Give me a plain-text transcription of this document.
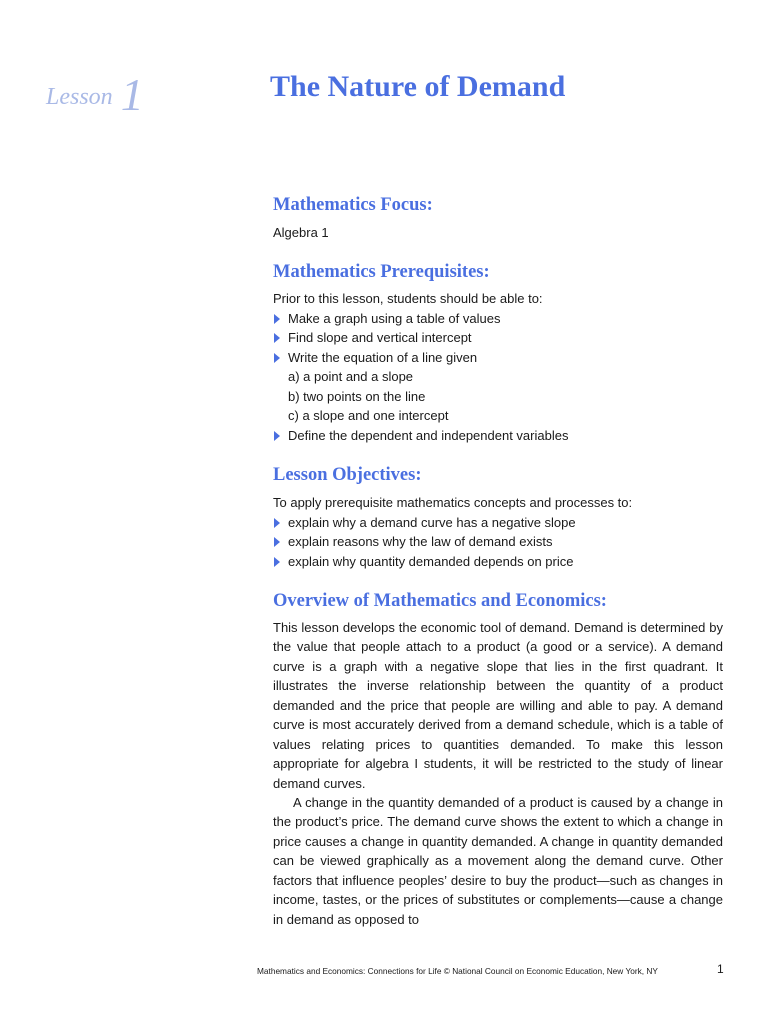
Lesson 1	The Nature of Demand
Mathematics Focus:

Algebra 1

Mathematics Prerequisites:

Prior to this lesson, students should be able to:

Make a graph using a table of values

Find slope and vertical intercept

Write the equation of a line given

a) a point and a slope

b) two points on the line

c) a slope and one intercept

Define the dependent and independent variables

Lesson Objectives:

To apply prerequisite mathematics concepts and processes to:

explain why a demand curve has a negative slope

explain reasons why the law of demand exists

explain why quantity demanded depends on price

Overview of Mathematics and Economics:

This lesson develops the economic tool of demand. Demand is determined by the value that people attach to a product (a good or a service). A demand curve is a graph with a negative slope that lies in the first quadrant. It illustrates the inverse relationship between the quantity of a product demanded and the price that people are willing and able to pay. A demand curve is most accurately derived from a demand schedule, which is a table of values relating prices to quantities demanded. To make this lesson appropriate for algebra I students, it will be restricted to the study of linear demand curves.

A change in the quantity demanded of a product is caused by a change in the product’s price. The demand curve shows the extent to which a change in price causes a change in quantity demanded. A change in quantity demanded can be viewed graphically as a movement along the demand curve. Other factors that influence peoples’ desire to buy the product—such as changes in income, tastes, or the prices of substitutes or complements—cause a change in demand as opposed to

Mathematics and Economics: Connections for Life © National Council on Economic Education, New York, NY	1
